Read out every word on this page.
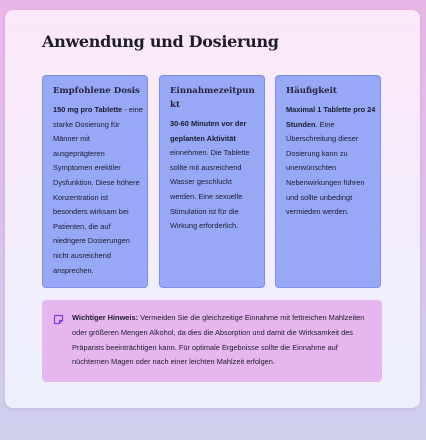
Anwendung und Dosierung
Empfohlene Dosis
150 mg pro Tablette - eine starke Dosierung für Männer mit ausgeprägteren Symptomen erektiler Dysfunktion. Diese höhere Konzentration ist besonders wirksam bei Patienten, die auf niedrigere Dosierungen nicht ausreichend ansprechen.
Einnahmezeitpunkt
30-60 Minuten vor der geplanten Aktivität einnehmen. Die Tablette sollte mit ausreichend Wasser geschluckt werden. Eine sexuelle Stimulation ist für die Wirkung erforderlich.
Häufigkeit
Maximal 1 Tablette pro 24 Stunden. Eine Überschreitung dieser Dosierung kann zu unerwünschten Nebenwirkungen führen und sollte unbedingt vermieden werden.

Wichtiger Hinweis: Vermeiden Sie die gleichzeitige Einnahme mit fettreichen Mahlzeiten oder größeren Mengen Alkohol, da dies die Absorption und damit die Wirksamkeit des Präparats beeinträchtigen kann. Für optimale Ergebnisse sollte die Einnahme auf nüchternen Magen oder nach einer leichten Mahlzeit erfolgen.
